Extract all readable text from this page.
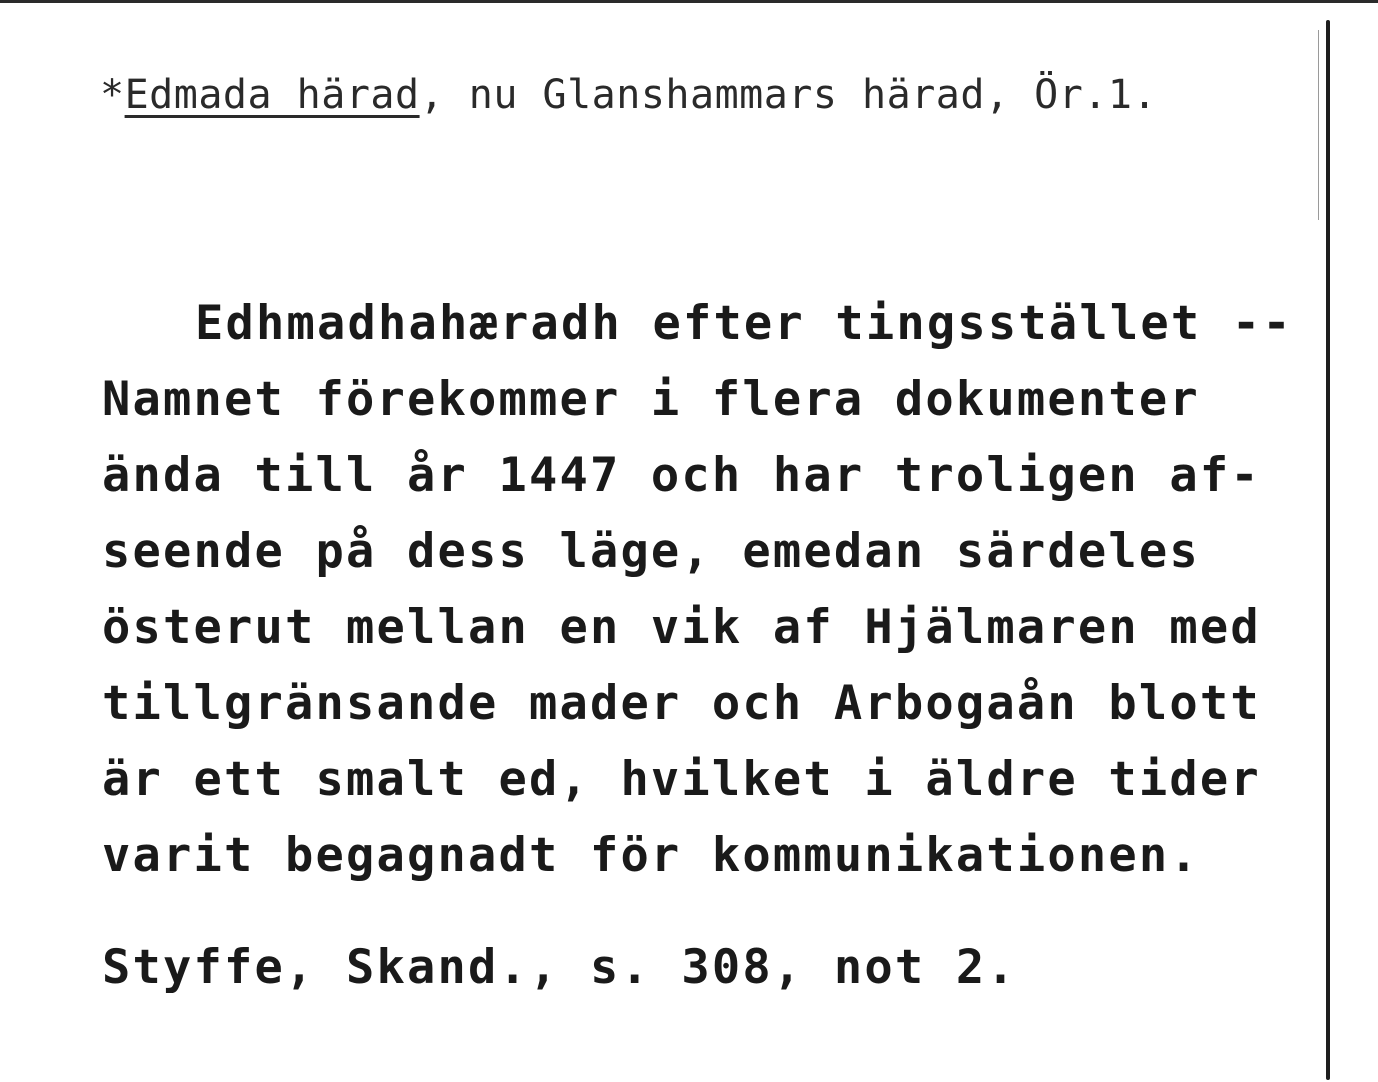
*Edmada härad, nu Glanshammars härad, Ör.1.
Edhmadhahæradh efter tingsstället --
Namnet förekommer i flera dokumenter
ända till år 1447 och har troligen af-
seende på dess läge, emedan särdeles
österut mellan en vik af Hjälmaren med
tillgränsande mader och Arbogaån blott
är ett smalt ed, hvilket i äldre tider
varit begagnadt för kommunikationen.
Styffe, Skand., s. 308, not 2.
